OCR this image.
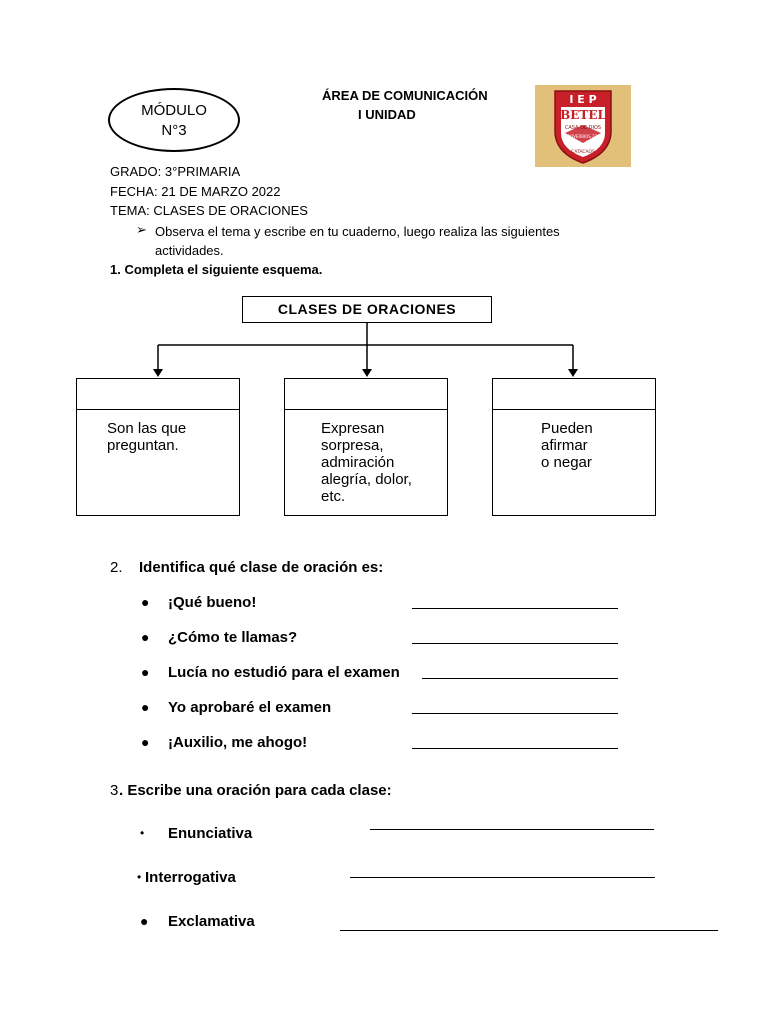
MÓDULO
N°3
ÁREA DE COMUNICACIÓN
I UNIDAD
I E P
BETEL
CASA DE DIOS
PROVERBIOS 22:6
CATACAOS
GRADO: 3°PRIMARIA
FECHA: 21 DE MARZO 2022
TEMA: CLASES DE ORACIONES
➢ Observa el tema y escribe en tu cuaderno, luego realiza las siguientes actividades.
1. Completa el siguiente esquema.
CLASES DE ORACIONES
Son las que
preguntan.
Expresan
sorpresa,
admiración
alegría, dolor,
etc.
Pueden
afirmar
o negar
2. Identifica qué clase de oración es:
● ¡Qué bueno!
● ¿Cómo te llamas?
● Lucía no estudió para el examen
● Yo aprobaré el examen
● ¡Auxilio, me ahogo!
3 . Escribe una oración para cada clase:
• Enunciativa
• Interrogativa
● Exclamativa
